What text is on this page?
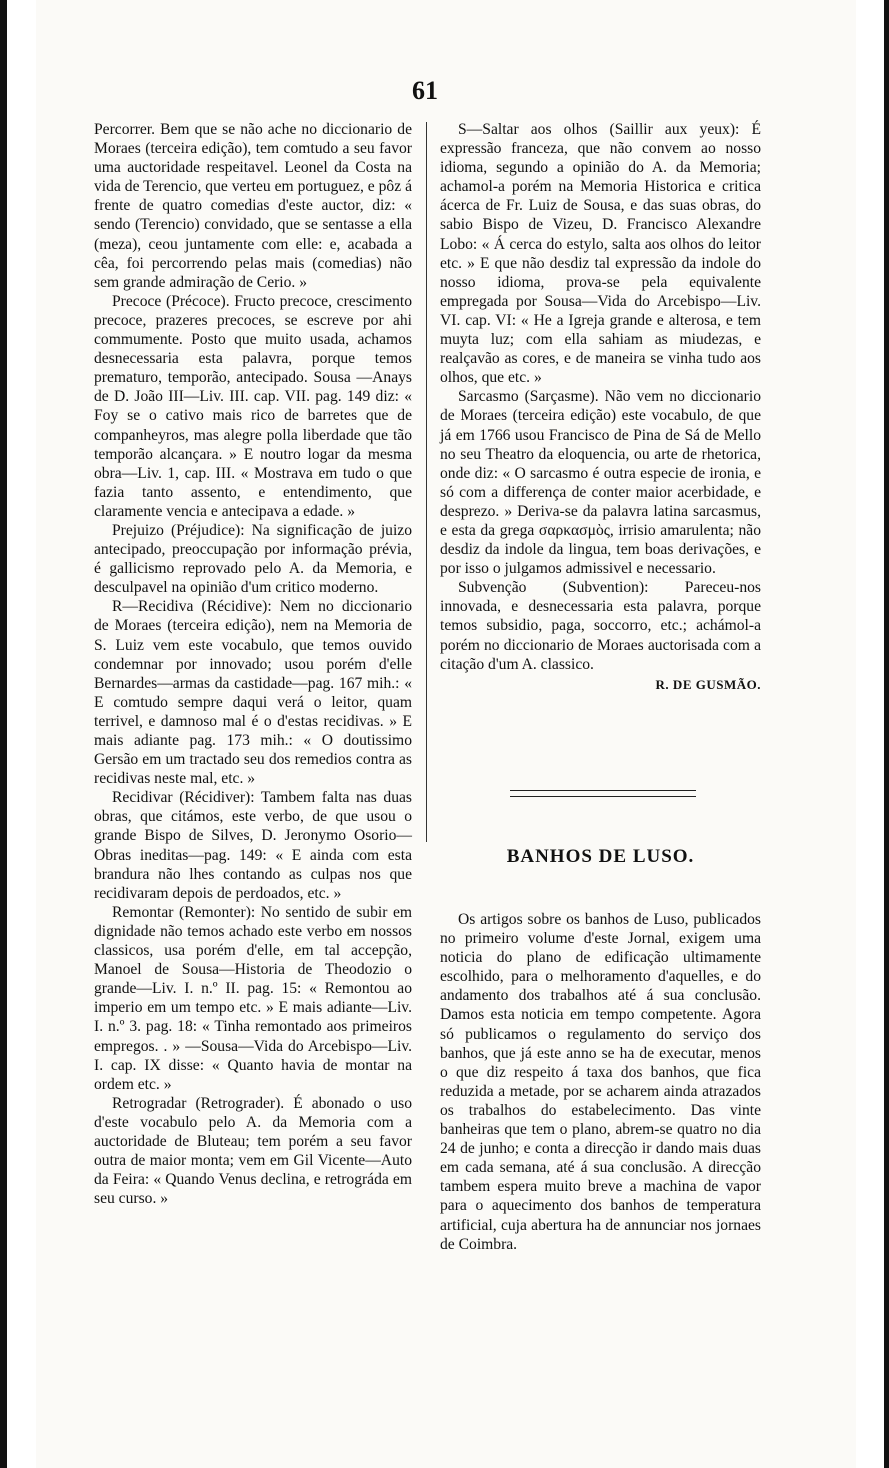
61

Percorrer. Bem que se não ache no diccionario de Moraes (terceira edição), tem comtudo a seu favor uma auctoridade respeitavel. Leonel da Costa na vida de Terencio, que verteu em portuguez, e pôz á frente de quatro comedias d'este auctor, diz: « sendo (Terencio) convidado, que se sentasse a ella (meza), ceou juntamente com elle: e, acabada a cêa, foi percorrendo pelas mais (comedias) não sem grande admiração de Cerio. »

Precoce (Précoce). Fructo precoce, crescimento precoce, prazeres precoces, se escreve por ahi commumente. Posto que muito usada, achamos desnecessaria esta palavra, porque temos prematuro, temporão, antecipado. Sousa —Anays de D. João III—Liv. III. cap. VII. pag. 149 diz: « Foy se o cativo mais rico de barretes que de companheyros, mas alegre polla liberdade que tão temporão alcançara. » E noutro logar da mesma obra—Liv. 1, cap. III. « Mostrava em tudo o que fazia tanto assento, e entendimento, que claramente vencia e antecipava a edade. »

Prejuizo (Préjudice): Na significação de juizo antecipado, preoccupação por informação prévia, é gallicismo reprovado pelo A. da Memoria, e desculpavel na opinião d'um critico moderno.

R—Recidiva (Récidive): Nem no diccionario de Moraes (terceira edição), nem na Memoria de S. Luiz vem este vocabulo, que temos ouvido condemnar por innovado; usou porém d'elle Bernardes—armas da castidade—pag. 167 mih.: « E comtudo sempre daqui verá o leitor, quam terrivel, e damnoso mal é o d'estas recidivas. » E mais adiante pag. 173 mih.: « O doutissimo Gersão em um tractado seu dos remedios contra as recidivas neste mal, etc. »

Recidivar (Récidiver): Tambem falta nas duas obras, que citámos, este verbo, de que usou o grande Bispo de Silves, D. Jeronymo Osorio—Obras ineditas—pag. 149: « E ainda com esta brandura não lhes contando as culpas nos que recidivaram depois de perdoados, etc. »

Remontar (Remonter): No sentido de subir em dignidade não temos achado este verbo em nossos classicos, usa porém d'elle, em tal accepção, Manoel de Sousa—Historia de Theodozio o grande—Liv. I. n.º II. pag. 15: « Remontou ao imperio em um tempo etc. » E mais adiante—Liv. I. n.º 3. pag. 18: « Tinha remontado aos primeiros empregos. . » —Sousa—Vida do Arcebispo—Liv. I. cap. IX disse: « Quanto havia de montar na ordem etc. »

Retrogradar (Retrograder). É abonado o uso d'este vocabulo pelo A. da Memoria com a auctoridade de Bluteau; tem porém a seu favor outra de maior monta; vem em Gil Vicente—Auto da Feira: « Quando Venus declina, e retrográda em seu curso. »

S—Saltar aos olhos (Saillir aux yeux): É expressão franceza, que não convem ao nosso idioma, segundo a opinião do A. da Memoria; achamol-a porém na Memoria Historica e critica ácerca de Fr. Luiz de Sousa, e das suas obras, do sabio Bispo de Vizeu, D. Francisco Alexandre Lobo: « Á cerca do estylo, salta aos olhos do leitor etc. » E que não desdiz tal expressão da indole do nosso idioma, prova-se pela equivalente empregada por Sousa—Vida do Arcebispo—Liv. VI. cap. VI: « He a Igreja grande e alterosa, e tem muyta luz; com ella sahiam as miudezas, e realçavão as cores, e de maneira se vinha tudo aos olhos, que etc. »

Sarcasmo (Sarçasme). Não vem no diccionario de Moraes (terceira edição) este vocabulo, de que já em 1766 usou Francisco de Pina de Sá de Mello no seu Theatro da eloquencia, ou arte de rhetorica, onde diz: « O sarcasmo é outra especie de ironia, e só com a differença de conter maior acerbidade, e desprezo. » Deriva-se da palavra latina sarcasmus, e esta da grega σαρκασμὸς, irrisio amarulenta; não desdiz da indole da lingua, tem boas derivações, e por isso o julgamos admissivel e necessario.

Subvenção (Subvention): Pareceu-nos innovada, e desnecessaria esta palavra, porque temos subsidio, paga, soccorro, etc.; achámol-a porém no diccionario de Moraes auctorisada com a citação d'um A. classico.

R. DE GUSMÃO.
BANHOS DE LUSO.

Os artigos sobre os banhos de Luso, publicados no primeiro volume d'este Jornal, exigem uma noticia do plano de edificação ultimamente escolhido, para o melhoramento d'aquelles, e do andamento dos trabalhos até á sua conclusão. Damos esta noticia em tempo competente. Agora só publicamos o regulamento do serviço dos banhos, que já este anno se ha de executar, menos o que diz respeito á taxa dos banhos, que fica reduzida a metade, por se acharem ainda atrazados os trabalhos do estabelecimento. Das vinte banheiras que tem o plano, abrem-se quatro no dia 24 de junho; e conta a direcção ir dando mais duas em cada semana, até á sua conclusão. A direcção tambem espera muito breve a machina de vapor para o aquecimento dos banhos de temperatura artificial, cuja abertura ha de annunciar nos jornaes de Coimbra.
